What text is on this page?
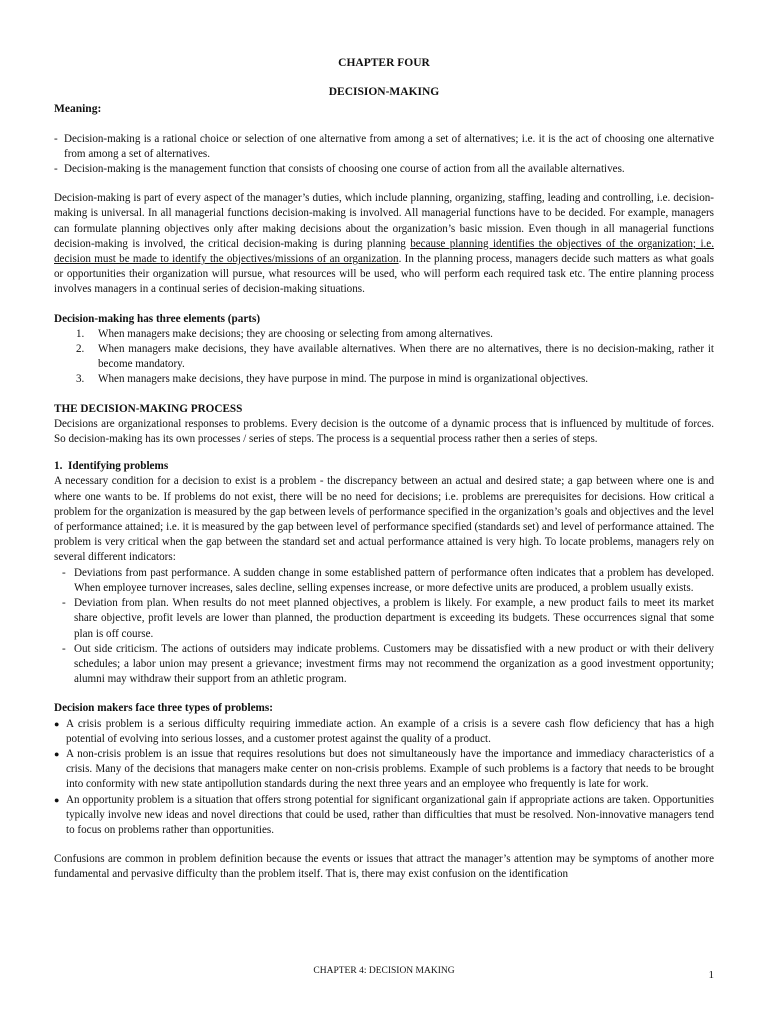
CHAPTER FOUR
DECISION-MAKING
Meaning:
- Decision-making is a rational choice or selection of one alternative from among a set of alternatives; i.e. it is the act of choosing one alternative from among a set of alternatives.
- Decision-making is the management function that consists of choosing one course of action from all the available alternatives.

Decision-making is part of every aspect of the manager’s duties, which include planning, organizing, staffing, leading and controlling, i.e. decision-making is universal. In all managerial functions decision-making is involved. All managerial functions have to be decided. For example, managers can formulate planning objectives only after making decisions about the organization’s basic mission. Even though in all managerial functions decision-making is involved, the critical decision-making is during planning because planning identifies the objectives of the organization; i.e. decision must be made to identify the objectives/missions of an organization. In the planning process, managers decide such matters as what goals or opportunities their organization will pursue, what resources will be used, who will perform each required task etc. The entire planning process involves managers in a continual series of decision-making situations.

Decision-making has three elements (parts)
1. When managers make decisions; they are choosing or selecting from among alternatives.
2. When managers make decisions, they have available alternatives. When there are no alternatives, there is no decision-making, rather it become mandatory.
3. When managers make decisions, they have purpose in mind. The purpose in mind is organizational objectives.
THE DECISION-MAKING PROCESS

Decisions are organizational responses to problems. Every decision is the outcome of a dynamic process that is influenced by multitude of forces. So decision-making has its own processes / series of steps. The process is a sequential process rather then a series of steps.

1. Identifying problems

A necessary condition for a decision to exist is a problem - the discrepancy between an actual and desired state; a gap between where one is and where one wants to be. If problems do not exist, there will be no need for decisions; i.e. problems are prerequisites for decisions. How critical a problem for the organization is measured by the gap between levels of performance specified in the organization’s goals and objectives and the level of performance attained; i.e. it is measured by the gap between level of performance specified (standards set) and level of performance attained. The problem is very critical when the gap between the standard set and actual performance attained is very high. To locate problems, managers rely on several different indicators:

- Deviations from past performance. A sudden change in some established pattern of performance often indicates that a problem has developed. When employee turnover increases, sales decline, selling expenses increase, or more defective units are produced, a problem usually exists.
- Deviation from plan. When results do not meet planned objectives, a problem is likely. For example, a new product fails to meet its market share objective, profit levels are lower than planned, the production department is exceeding its budgets. These occurrences signal that some plan is off course.
- Out side criticism. The actions of outsiders may indicate problems. Customers may be dissatisfied with a new product or with their delivery schedules; a labor union may present a grievance; investment firms may not recommend the organization as a good investment opportunity; alumni may withdraw their support from an athletic program.
Decision makers face three types of problems:
● A crisis problem is a serious difficulty requiring immediate action. An example of a crisis is a severe cash flow deficiency that has a high potential of evolving into serious losses, and a customer protest against the quality of a product.
● A non-crisis problem is an issue that requires resolutions but does not simultaneously have the importance and immediacy characteristics of a crisis. Many of the decisions that managers make center on non-crisis problems. Example of such problems is a factory that needs to be brought into conformity with new state antipollution standards during the next three years and an employee who frequently is late for work.
● An opportunity problem is a situation that offers strong potential for significant organizational gain if appropriate actions are taken. Opportunities typically involve new ideas and novel directions that could be used, rather than difficulties that must be resolved. Non-innovative managers tend to focus on problems rather than opportunities.

Confusions are common in problem definition because the events or issues that attract the manager’s attention may be symptoms of another more fundamental and pervasive difficulty than the problem itself. That is, there may exist confusion on the identification

CHAPTER 4: DECISION MAKING	1
